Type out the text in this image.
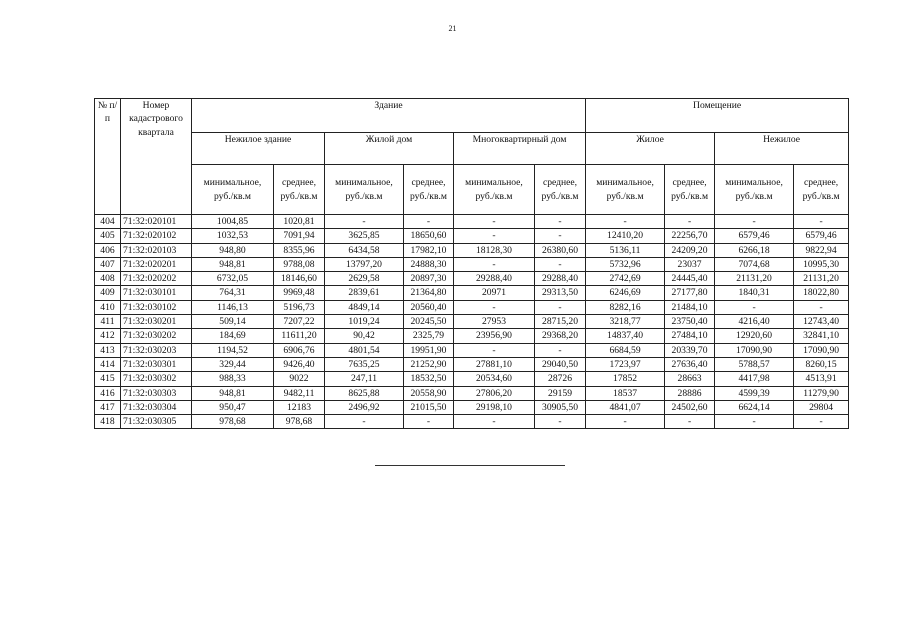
21
№ п/п	Номер кадастрового квартала	Здание						Помещение			
		Нежилое здание		Жилой дом		Многоквартирный дом		Жилое		Нежилое	
		минимальное, руб./кв.м	среднее, руб./кв.м	минимальное, руб./кв.м	среднее, руб./кв.м	минимальное, руб./кв.м	среднее, руб./кв.м	минимальное, руб./кв.м	среднее, руб./кв.м	минимальное, руб./кв.м	среднее, руб./кв.м
404	71:32:020101	1004,85	1020,81	-	-	-	-	-	-	-	-
405	71:32:020102	1032,53	7091,94	3625,85	18650,60	-	-	12410,20	22256,70	6579,46	6579,46
406	71:32:020103	948,80	8355,96	6434,58	17982,10	18128,30	26380,60	5136,11	24209,20	6266,18	9822,94
407	71:32:020201	948,81	9788,08	13797,20	24888,30	-	-	5732,96	23037	7074,68	10995,30
408	71:32:020202	6732,05	18146,60	2629,58	20897,30	29288,40	29288,40	2742,69	24445,40	21131,20	21131,20
409	71:32:030101	764,31	9969,48	2839,61	21364,80	20971	29313,50	6246,69	27177,80	1840,31	18022,80
410	71:32:030102	1146,13	5196,73	4849,14	20560,40	-	-	8282,16	21484,10	-	-
411	71:32:030201	509,14	7207,22	1019,24	20245,50	27953	28715,20	3218,77	23750,40	4216,40	12743,40
412	71:32:030202	184,69	11611,20	90,42	2325,79	23956,90	29368,20	14837,40	27484,10	12920,60	32841,10
413	71:32:030203	1194,52	6906,76	4801,54	19951,90	-	-	6684,59	20339,70	17090,90	17090,90
414	71:32:030301	329,44	9426,40	7635,25	21252,90	27881,10	29040,50	1723,97	27636,40	5788,57	8260,15
415	71:32:030302	988,33	9022	247,11	18532,50	20534,60	28726	17852	28663	4417,98	4513,91
416	71:32:030303	948,81	9482,11	8625,88	20558,90	27806,20	29159	18537	28886	4599,39	11279,90
417	71:32:030304	950,47	12183	2496,92	21015,50	29198,10	30905,50	4841,07	24502,60	6624,14	29804
418	71:32:030305	978,68	978,68	-	-	-	-	-	-	-	-
